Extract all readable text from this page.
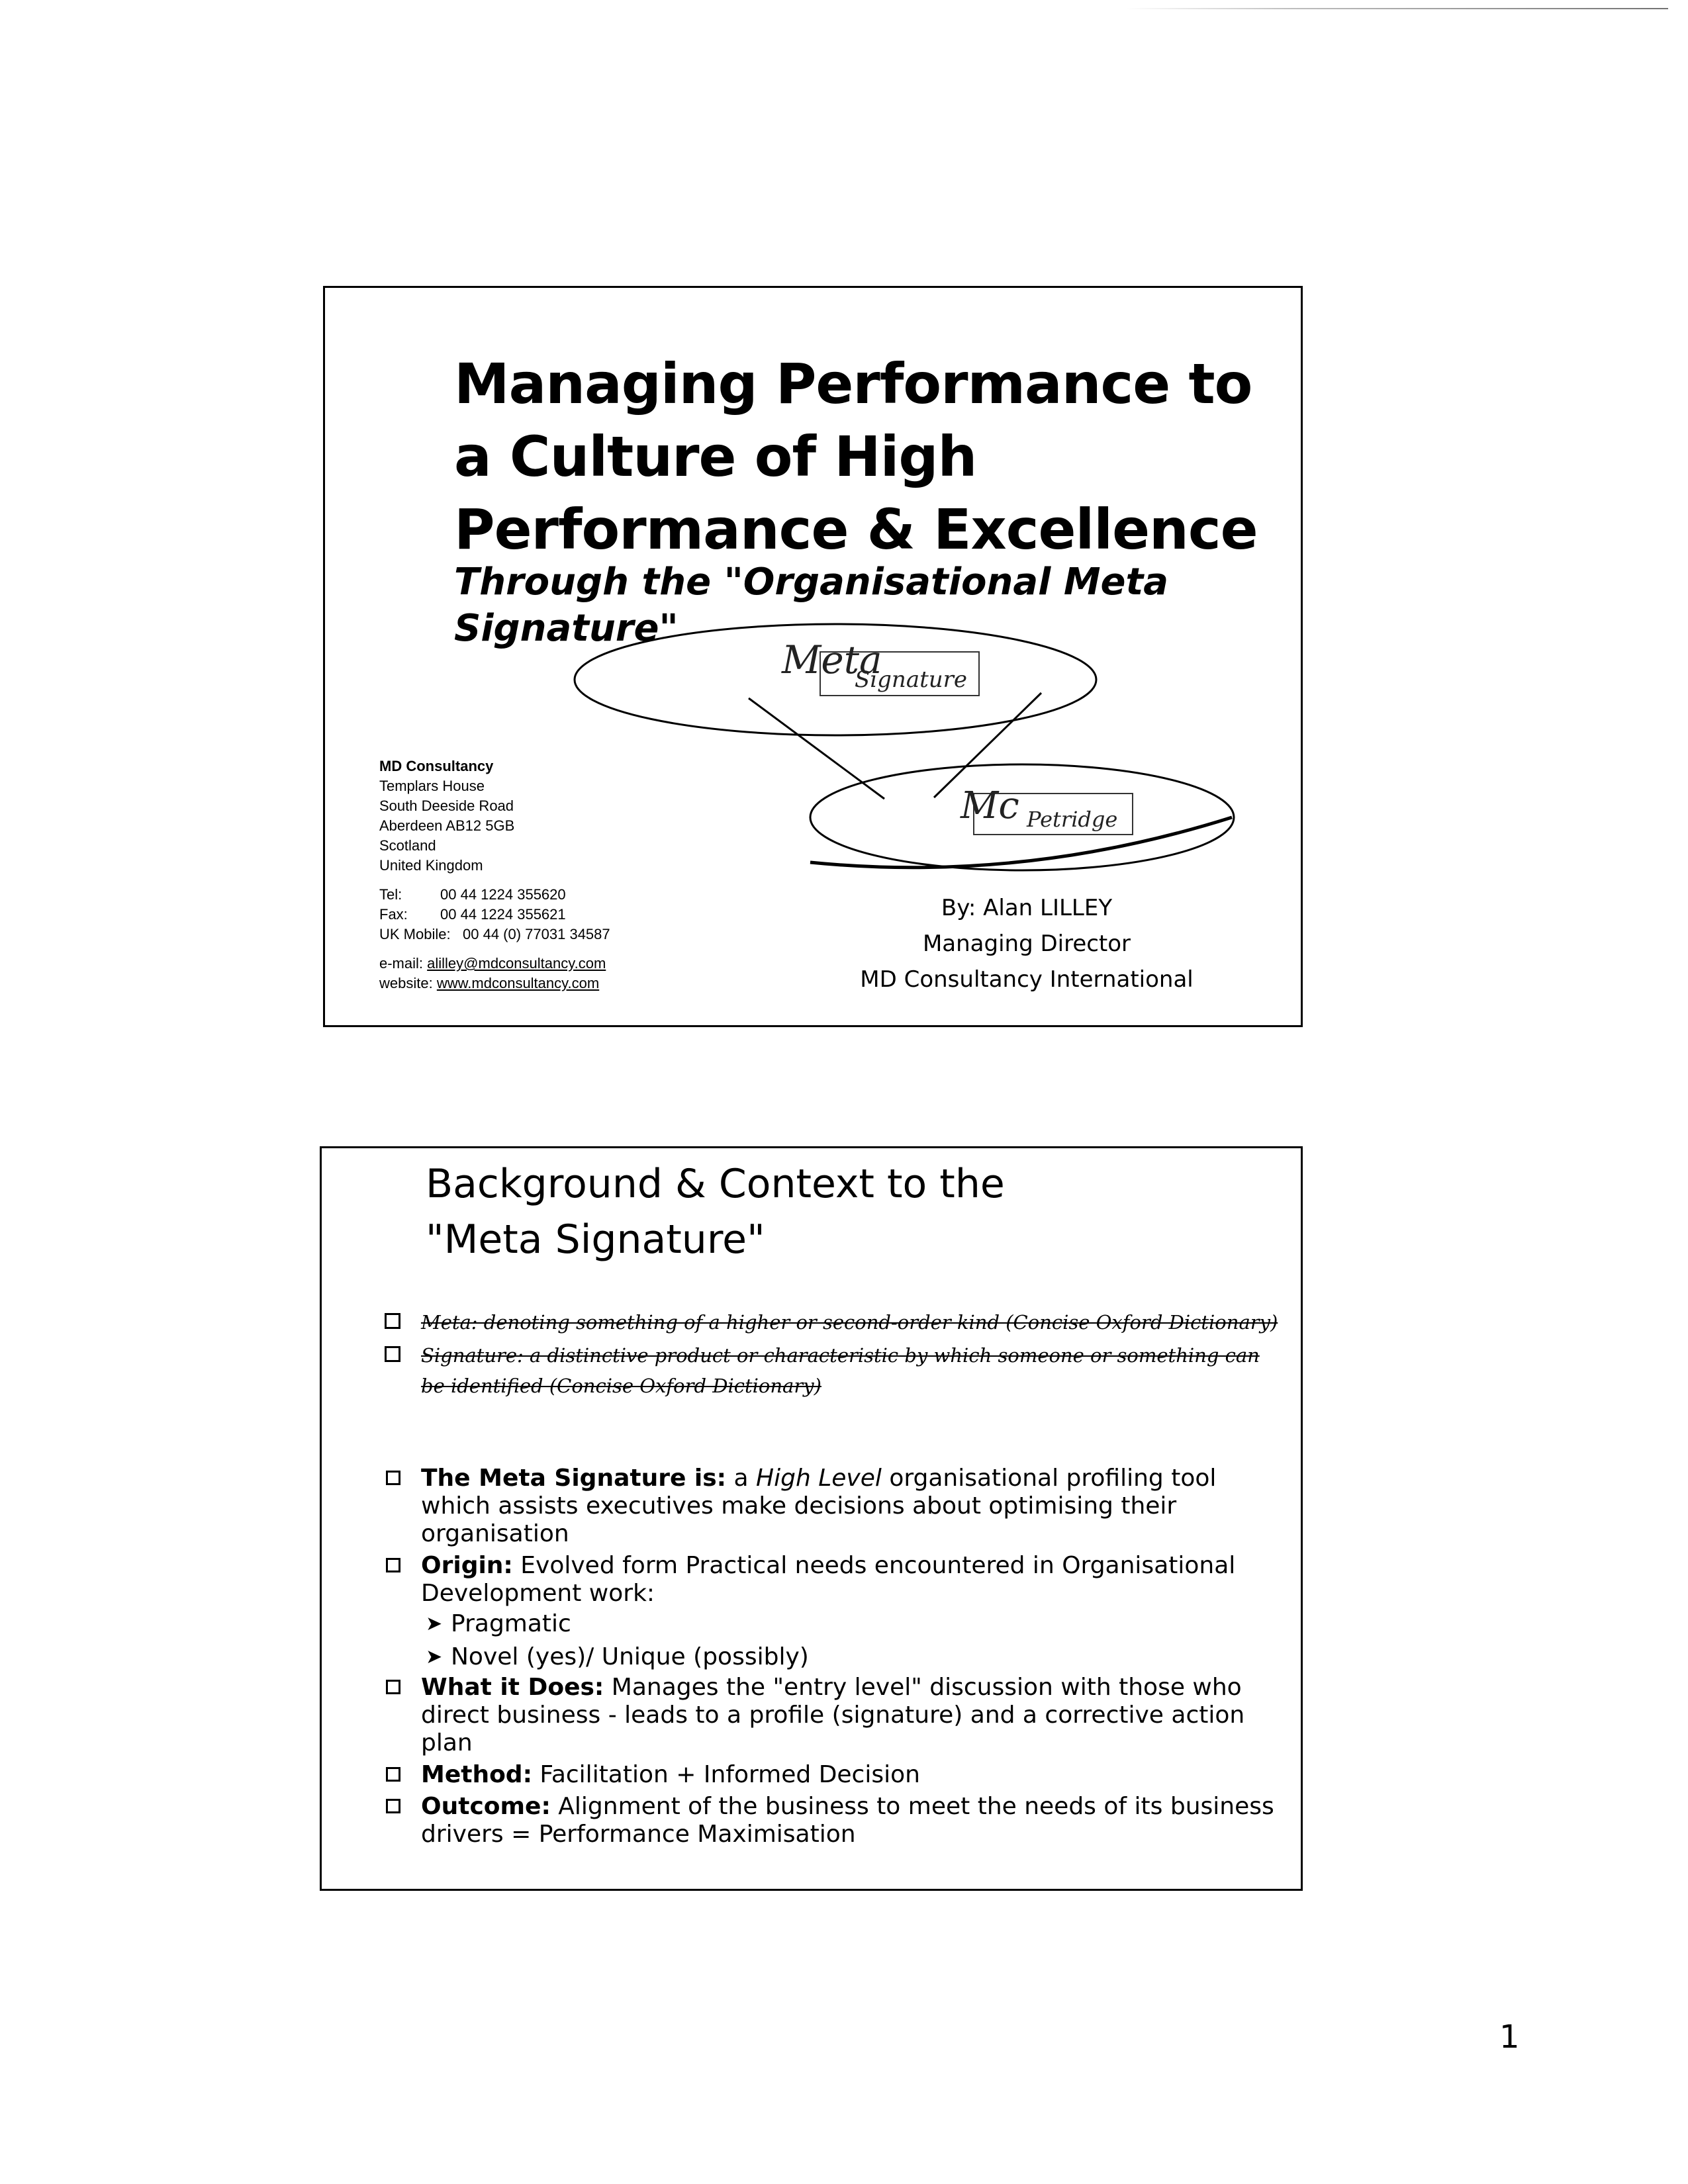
Managing Performance to
a Culture of High
Performance & Excellence
Through the "Organisational Meta
Signature"
Meta
Signature
Mc Petridge
MD Consultancy
Templars House
South Deeside Road
Aberdeen AB12 5GB
Scotland
United Kingdom
Tel:	00 44 1224 355620
Fax:	00 44 1224 355621
UK Mobile: 00 44 (0) 77031 34587
e-mail: alilley@mdconsultancy.com
website: www.mdconsultancy.com
By: Alan LILLEY
Managing Director
MD Consultancy International
Background & Context to the
"Meta Signature"
Meta: denoting something of a higher or second-order kind (Concise Oxford Dictionary)
Signature: a distinctive product or characteristic by which someone or something can be identified (Concise Oxford Dictionary)
The Meta Signature is: a High Level organisational profiling tool which assists executives make decisions about optimising their organisation
Origin: Evolved form Practical needs encountered in Organisational Development work:
➤ Pragmatic
➤ Novel (yes)/ Unique (possibly)
What it Does: Manages the "entry level" discussion with those who direct business - leads to a profile (signature) and a corrective action plan
Method: Facilitation + Informed Decision
Outcome: Alignment of the business to meet the needs of its business drivers = Performance Maximisation
1
